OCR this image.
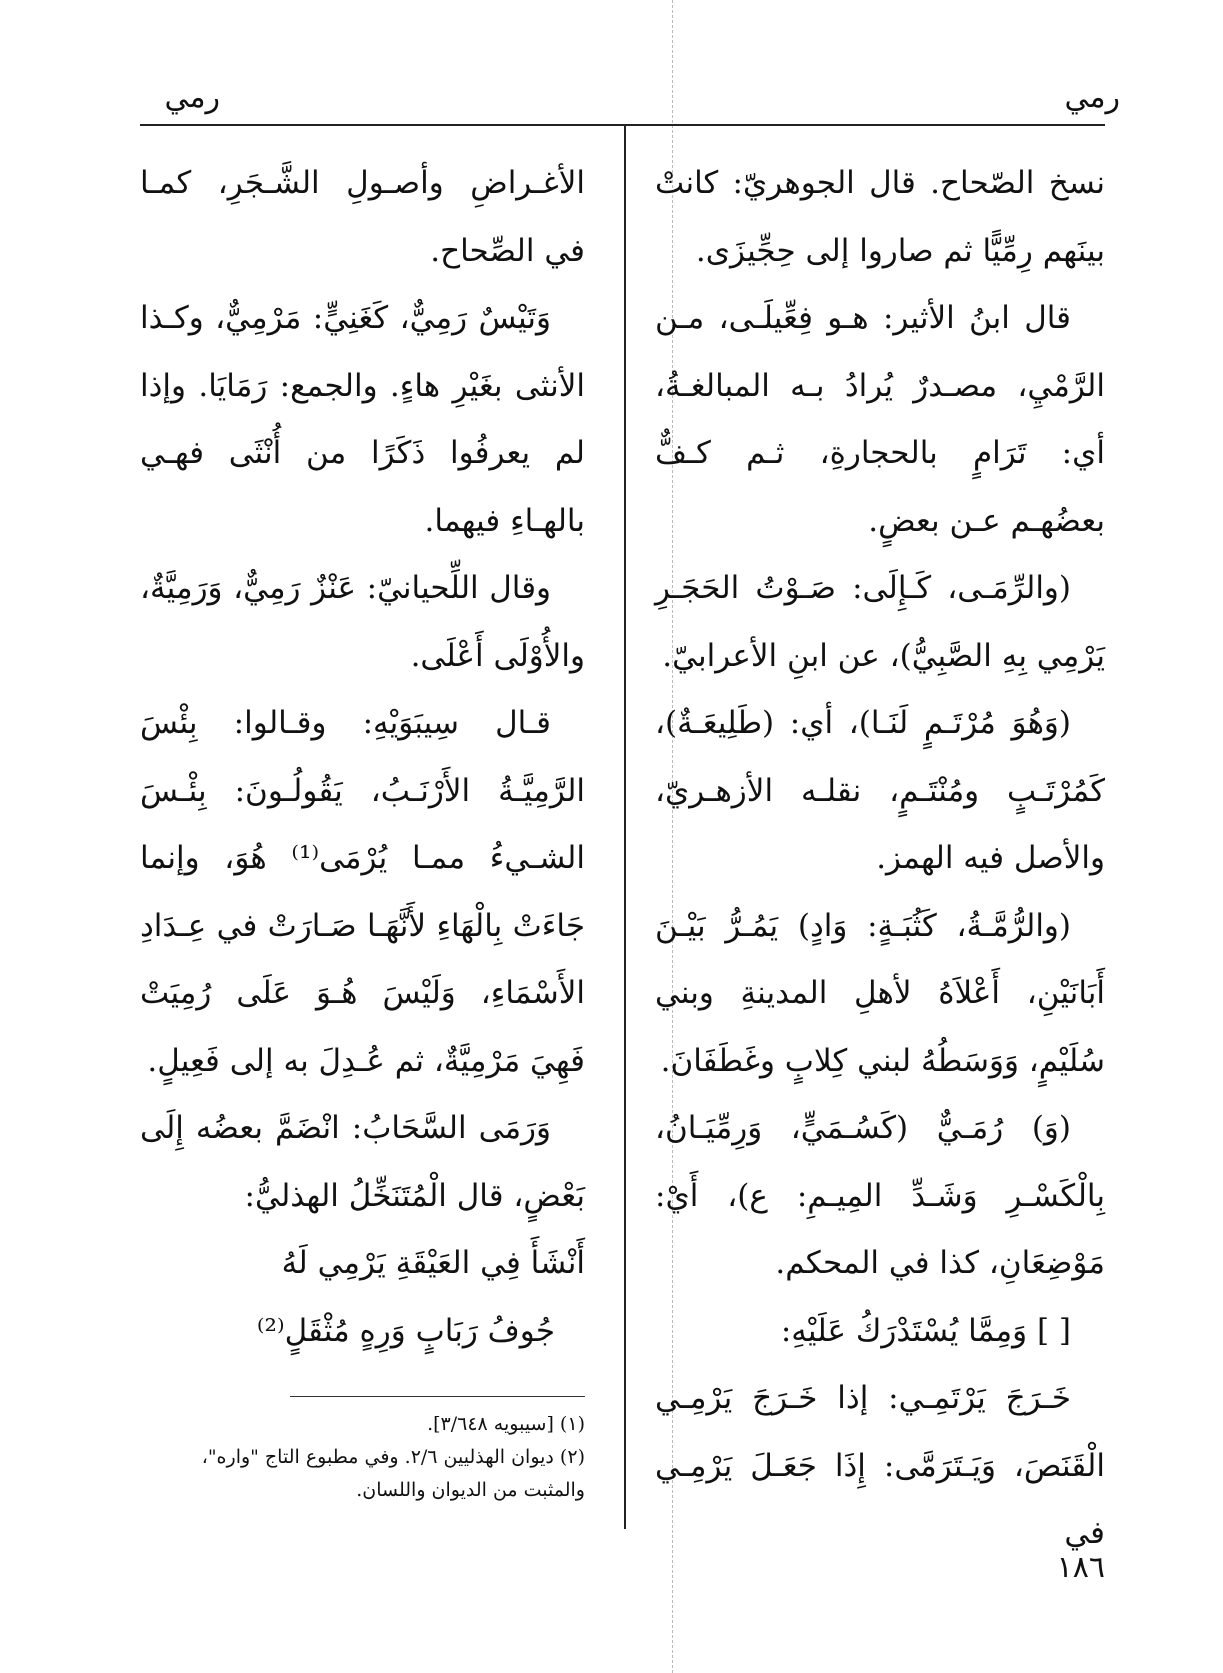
رمي
رمي

نسخ الصّحاح. قال الجوهريّ: كانتْ بينَهم رِمِّيًّا ثم صاروا إلى حِجِّيزَى.

قال ابنُ الأثير: هـو فِعِّيلَـى، مـن الرَّمْيِ، مصـدرٌ يُرادُ بـه المبالغـةُ، أي: تَرَامٍ بالحجارةِ، ثـم كـفٌّ بعضُهـم عـن بعضٍ.

(والرِّمَـى، كَـإِلَى: صَـوْتُ الحَجَـرِ يَرْمِي بِهِ الصَّبِيُّ)، عن ابنِ الأعرابيّ.

(وَهُوَ مُرْتَـمٍ لَنَـا)، أي: (طَلِيعَـةٌ)، كَمُرْتَـبٍ ومُنْتَـمٍ، نقلـه الأزهـريّ، والأصل فيه الهمز.

(والرُّمَّـةُ، كَثُبَـةٍ: وَادٍ) يَمُـرُّ بَيْـنَ أَبَانَيْنِ، أَعْلاَهُ لأهلِ المدينةِ وبني سُلَيْمٍ، وَوَسَطُهُ لبني كِلابٍ وغَطَفَانَ.

(وَ) رُمَـيٌّ (كَسُـمَيٍّ، وَرِمِّيَـانُ، بِالْكَسْـرِ وَشَـدِّ المِيـمِ: ع)، أَيْ: مَوْضِعَانِ، كذا في المحكم.

[ ] وَمِمَّا يُسْتَدْرَكُ عَلَيْهِ:

خَـرَجَ يَرْتَمِـي: إذا خَـرَجَ يَرْمِـي الْقَنَصَ، وَيَـتَرَمَّى: إِذَا جَعَـلَ يَرْمِـي في

الأغـراضِ وأصـولِ الشَّـجَرِ، كمـا في الصِّحاح.

وَتَيْسٌ رَمِيٌّ، كَغَنِيٍّ: مَرْمِيٌّ، وكـذا الأنثى بغَيْرِ هاءٍ. والجمع: رَمَايَا. وإذا لم يعرفُوا ذَكَرًا من أُنْثَى فهـي بالهـاءِ فيهما.

وقال اللِّحيانيّ: عَنْزٌ رَمِيٌّ، وَرَمِيَّةٌ، والأُوْلَى أَعْلَى.

قـال سِيبَوَيْهِ: وقـالوا: بِئْسَ الرَّمِيَّـةُ الأَرْنَـبُ، يَقُولُـونَ: بِئْـسَ الشـيءُ ممـا يُرْمَى⁽¹⁾ هُوَ، وإنما جَاءَتْ بِالْهَاءِ لأَنَّهَـا صَـارَتْ في عِـدَادِ الأَسْمَاءِ، وَلَيْسَ هُـوَ عَلَى رُمِيَتْ فَهِيَ مَرْمِيَّةٌ، ثم عُـدِلَ به إلى فَعِيلٍ.

وَرَمَى السَّحَابُ: انْضَمَّ بعضُه إِلَى بَعْضٍ، قال الْمُتَنَخِّلُ الهذليُّ:

أَنْشَأَ فِي العَيْقَةِ يَرْمِي لَهُ

جُوفُ رَبَابٍ وَرِهٍ مُثْقَلٍ⁽²⁾

(١) [سيبويه ٣/٦٤٨].

(٢) ديوان الهذليين ٢/٦. وفي مطبوع التاج "واره"، والمثبت من الديوان واللسان.

١٨٦
